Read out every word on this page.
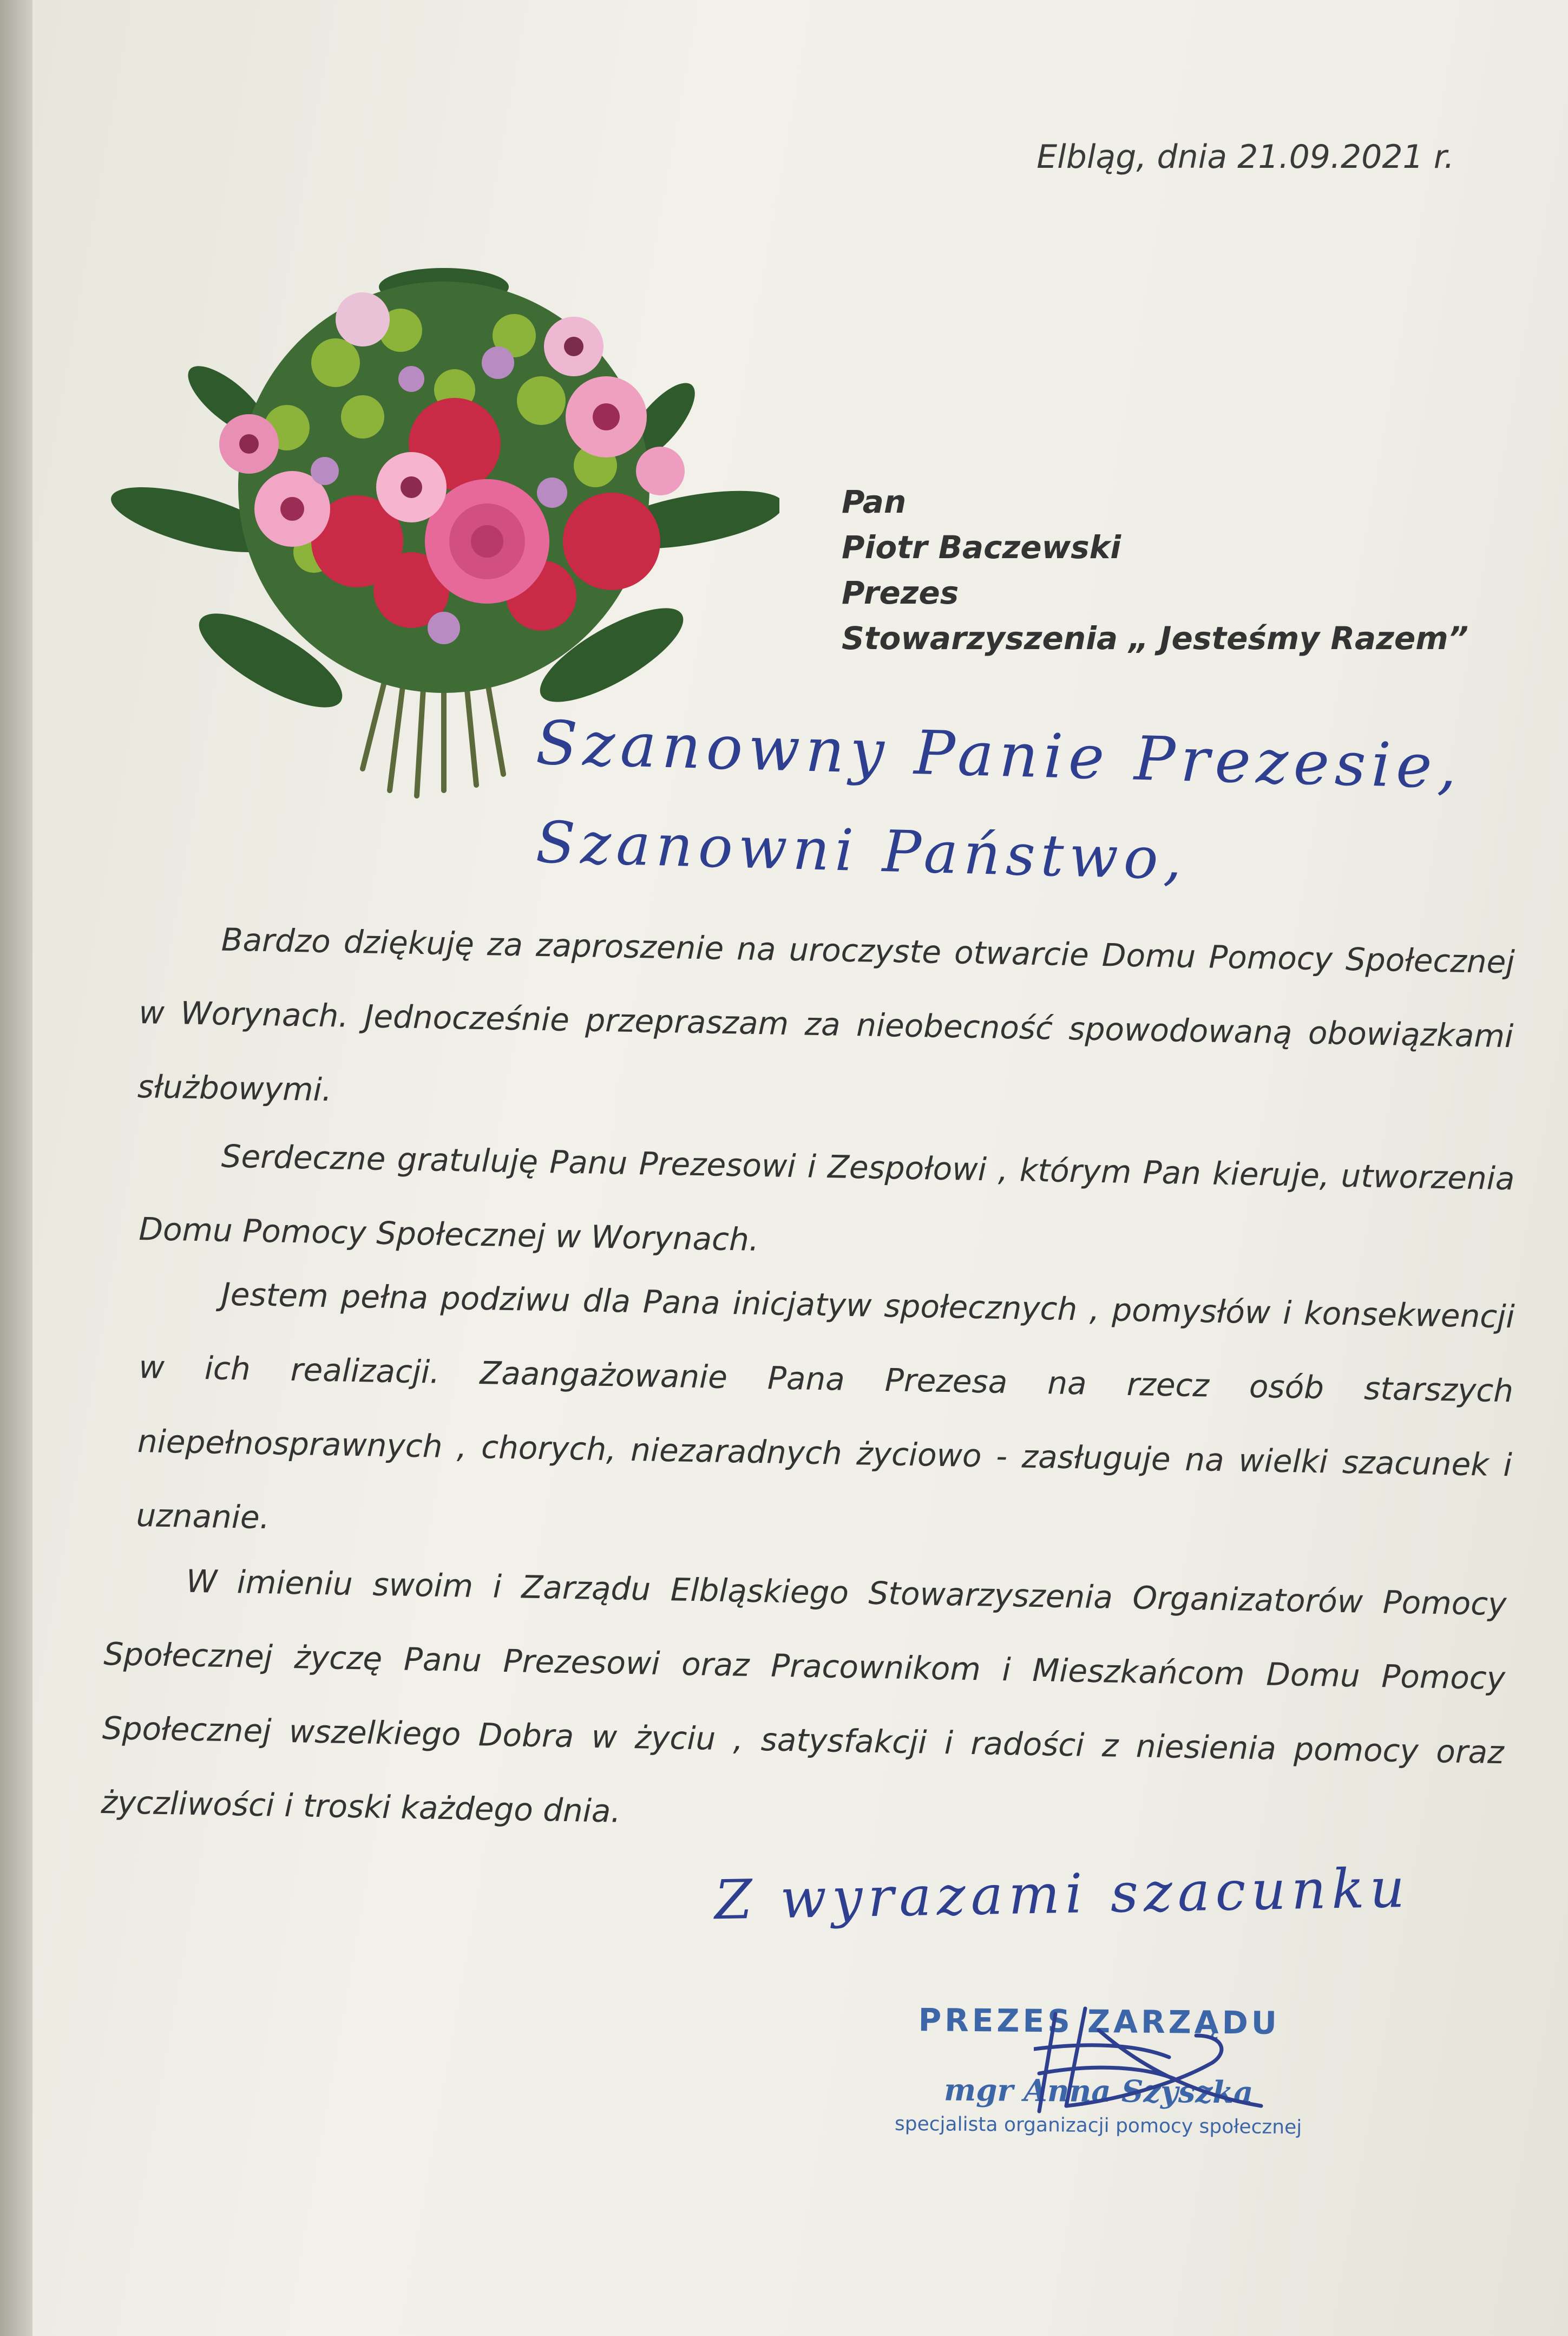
Elbląg, dnia 21.09.2021 r.
Pan
Piotr Baczewski
Prezes
Stowarzyszenia „ Jesteśmy Razem”
Szanowny Panie Prezesie,
Szanowni Państwo,

Bardzo dziękuję za zaproszenie na uroczyste otwarcie Domu Pomocy Społecznej w Worynach. Jednocześnie przepraszam za nieobecność spowodowaną obowiązkami służbowymi.

Serdeczne gratuluję Panu Prezesowi i Zespołowi , którym Pan kieruje, utworzenia Domu Pomocy Społecznej w Worynach.

Jestem pełna podziwu dla Pana inicjatyw społecznych , pomysłów i konsekwencji w ich realizacji. Zaangażowanie Pana Prezesa na rzecz osób starszych niepełnosprawnych , chorych, niezaradnych życiowo - zasługuje na wielki szacunek i uznanie.

W imieniu swoim i Zarządu Elbląskiego Stowarzyszenia Organizatorów Pomocy Społecznej życzę Panu Prezesowi oraz Pracownikom i Mieszkańcom Domu Pomocy Społecznej wszelkiego Dobra w życiu , satysfakcji i radości z niesienia pomocy oraz życzliwości i troski każdego dnia.

Z wyrazami szacunku
PREZES ZARZĄDU
mgr Anna Szyszka
specjalista organizacji pomocy społecznej
